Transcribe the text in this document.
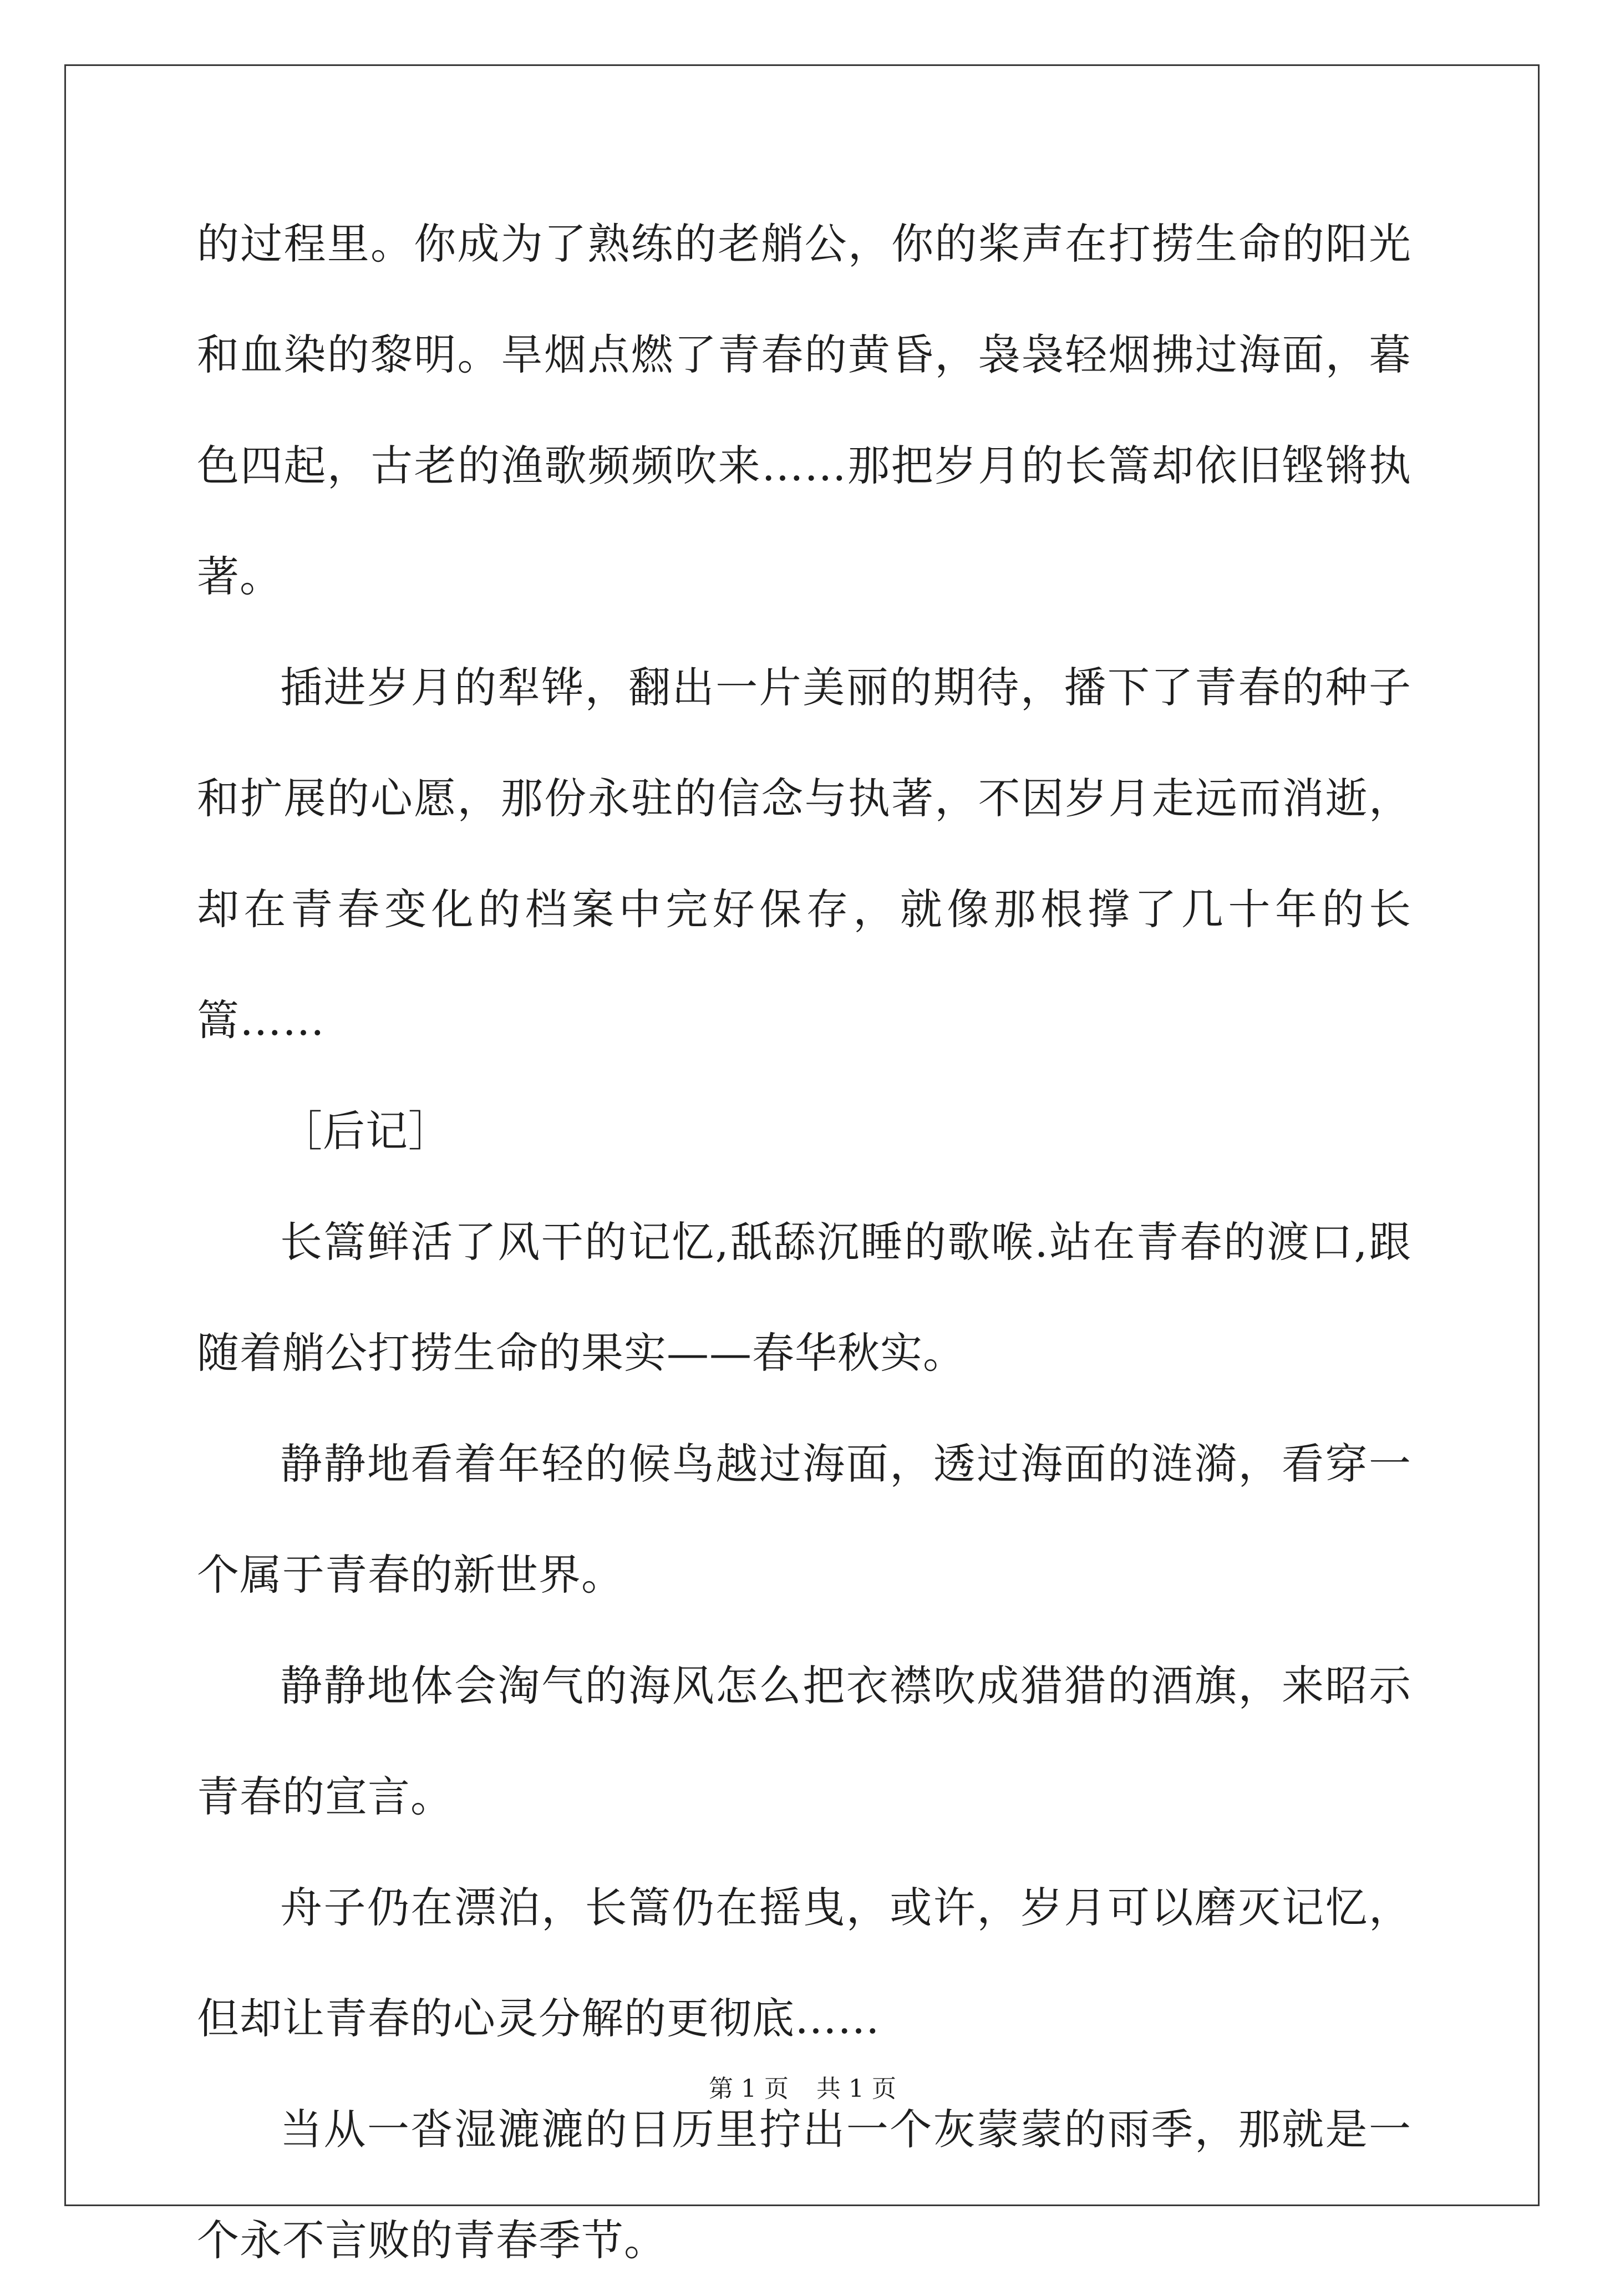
的过程里。你成为了熟练的老艄公，你的桨声在打捞生命的阳光和血染的黎明。旱烟点燃了青春的黄昏，袅袅轻烟拂过海面，暮色四起，古老的渔歌频频吹来……那把岁月的长篙却依旧铿锵执著。

插进岁月的犁铧，翻出一片美丽的期待，播下了青春的种子和扩展的心愿，那份永驻的信念与执著，不因岁月走远而消逝，却在青春变化的档案中完好保存，就像那根撑了几十年的长篙……

［后记］

长篙鲜活了风干的记忆,舐舔沉睡的歌喉.站在青春的渡口,跟随着艄公打捞生命的果实——春华秋实。

静静地看着年轻的候鸟越过海面，透过海面的涟漪，看穿一个属于青春的新世界。

静静地体会淘气的海风怎么把衣襟吹成猎猎的酒旗，来昭示青春的宣言。

舟子仍在漂泊，长篙仍在摇曳，或许，岁月可以磨灭记忆，但却让青春的心灵分解的更彻底……

当从一沓湿漉漉的日历里拧出一个灰蒙蒙的雨季，那就是一个永不言败的青春季节。

第 1 页 共 1 页
